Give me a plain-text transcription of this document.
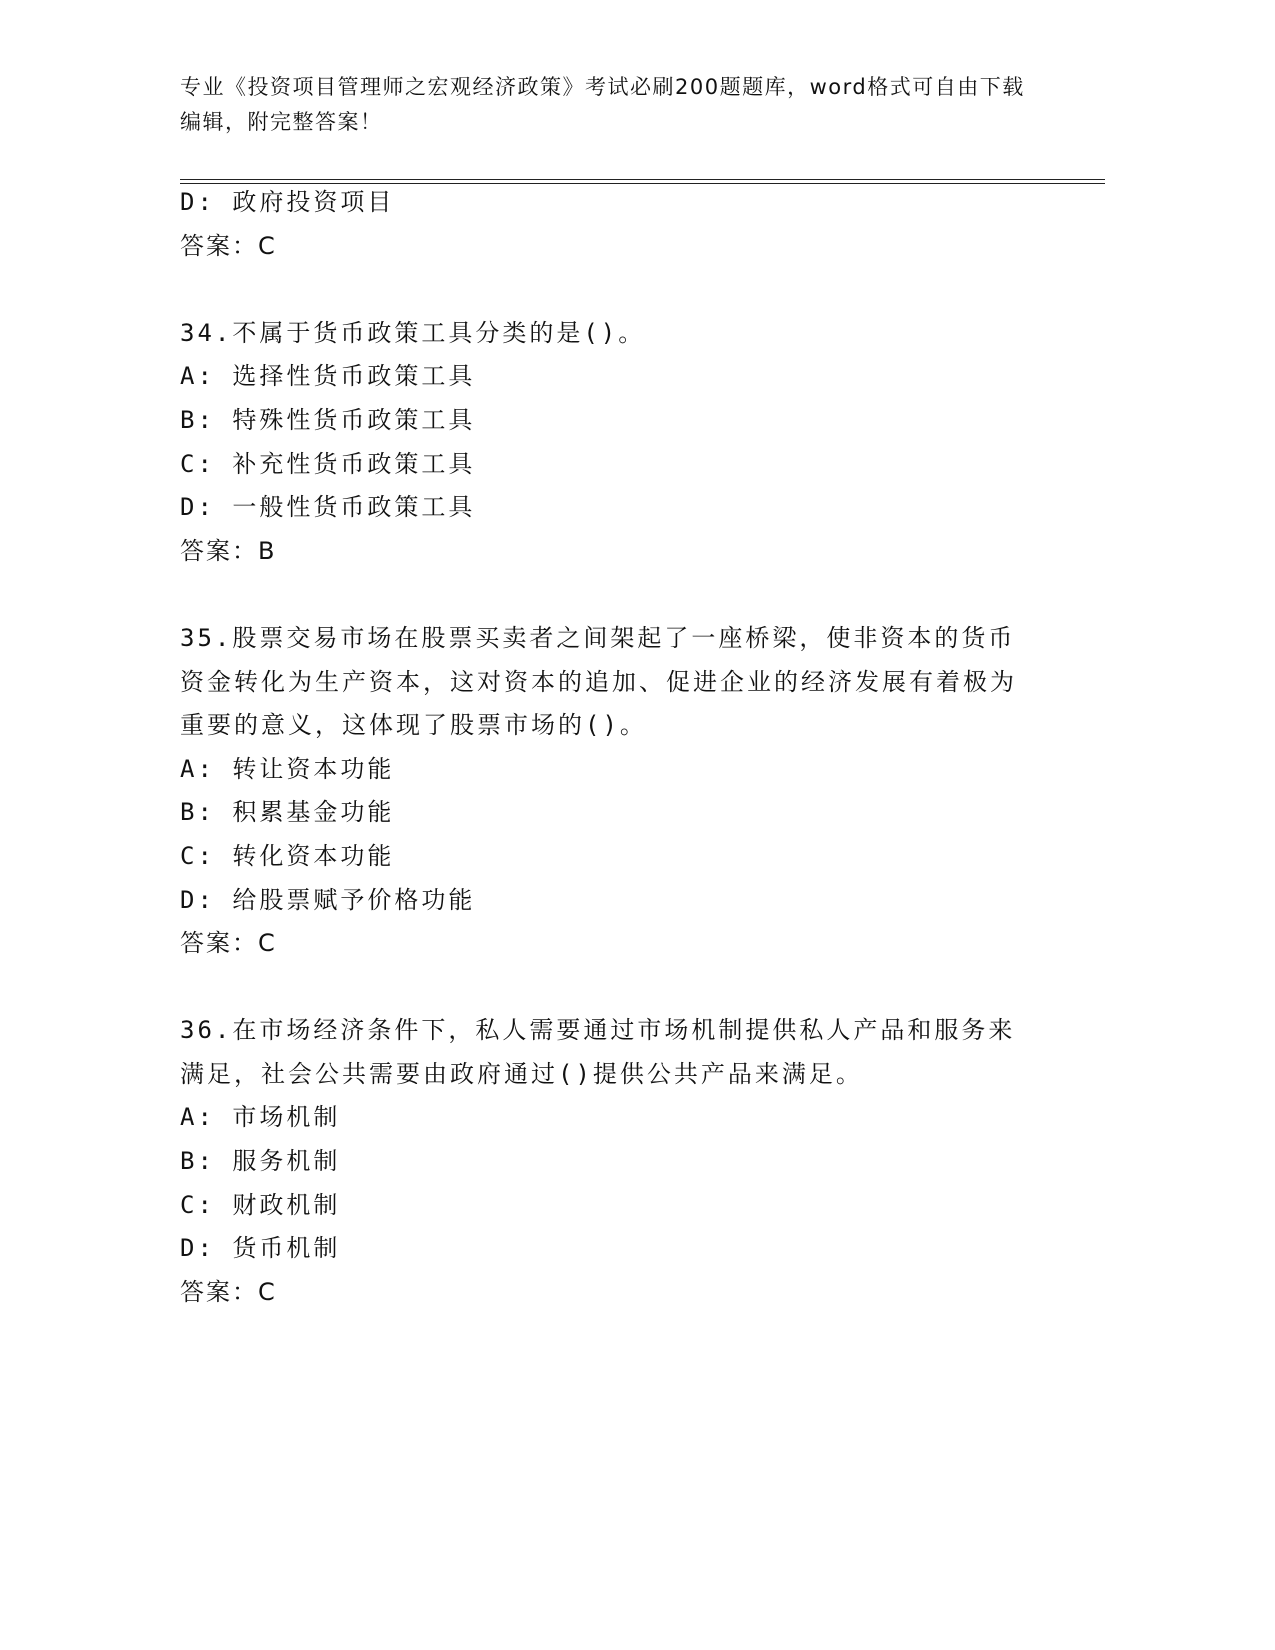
专业《投资项目管理师之宏观经济政策》考试必刷200题题库，word格式可自由下载编辑，附完整答案！
D: 政府投资项目
答案：C
34.不属于货币政策工具分类的是()。
A: 选择性货币政策工具
B: 特殊性货币政策工具
C: 补充性货币政策工具
D: 一般性货币政策工具
答案：B
35.股票交易市场在股票买卖者之间架起了一座桥梁，使非资本的货币资金转化为生产资本，这对资本的追加、促进企业的经济发展有着极为重要的意义，这体现了股票市场的()。
A: 转让资本功能
B: 积累基金功能
C: 转化资本功能
D: 给股票赋予价格功能
答案：C
36.在市场经济条件下，私人需要通过市场机制提供私人产品和服务来满足，社会公共需要由政府通过()提供公共产品来满足。
A: 市场机制
B: 服务机制
C: 财政机制
D: 货币机制
答案：C
